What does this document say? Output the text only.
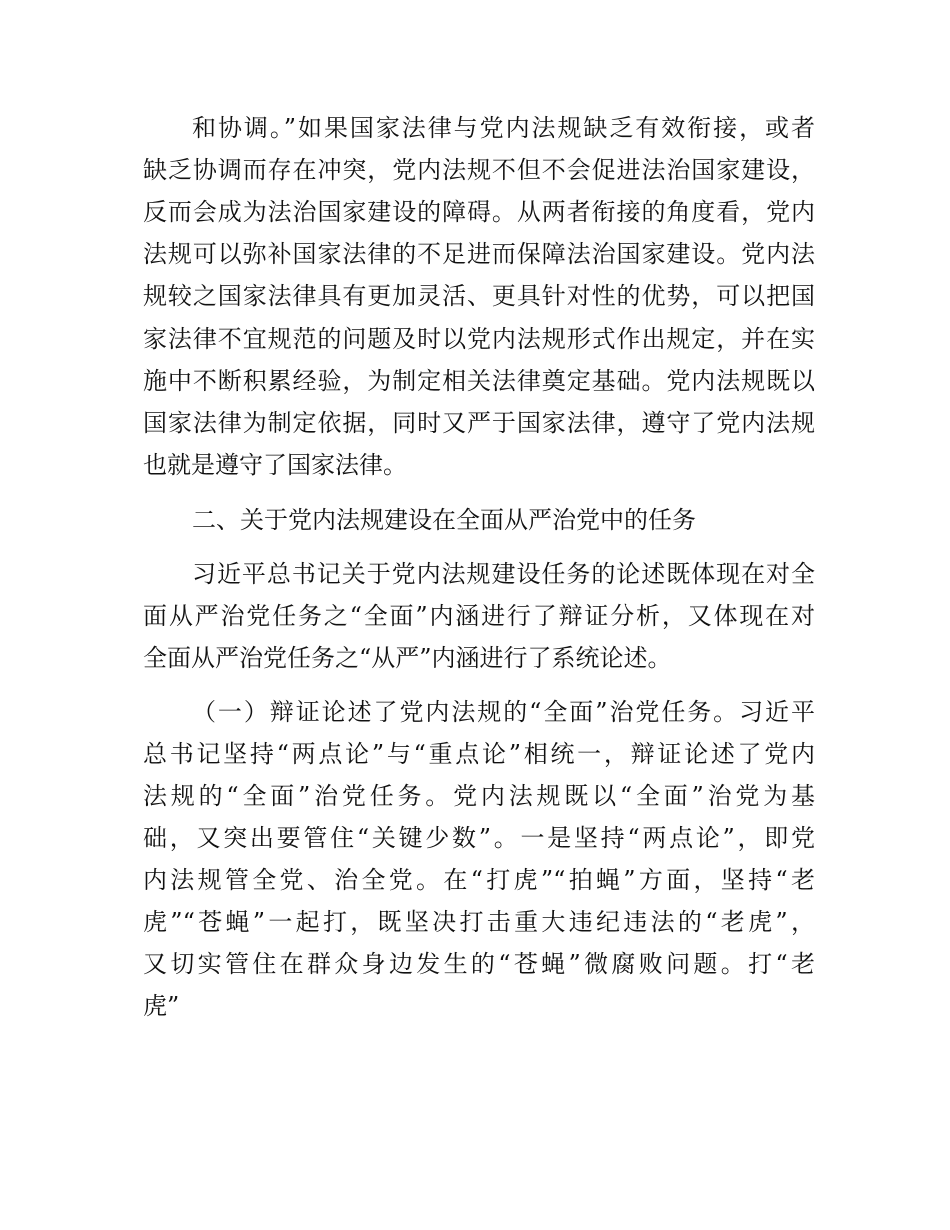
和协调。”如果国家法律与党内法规缺乏有效衔接，或者
缺乏协调而存在冲突，党内法规不但不会促进法治国家建设，
反而会成为法治国家建设的障碍。从两者衔接的角度看，党内
法规可以弥补国家法律的不足进而保障法治国家建设。党内法
规较之国家法律具有更加灵活、更具针对性的优势，可以把国
家法律不宜规范的问题及时以党内法规形式作出规定，并在实
施中不断积累经验，为制定相关法律奠定基础。党内法规既以
国家法律为制定依据，同时又严于国家法律，遵守了党内法规
也就是遵守了国家法律。
二、关于党内法规建设在全面从严治党中的任务
习近平总书记关于党内法规建设任务的论述既体现在对全
面从严治党任务之“全面”内涵进行了辩证分析，又体现在对
全面从严治党任务之“从严”内涵进行了系统论述。
（一）辩证论述了党内法规的“全面”治党任务。习近平
总书记坚持“两点论”与“重点论”相统一，辩证论述了党内
法规的“全面”治党任务。党内法规既以“全面”治党为基
础，又突出要管住“关键少数”。一是坚持“两点论”，即党
内法规管全党、治全党。在“打虎”“拍蝇”方面，坚持“老
虎”“苍蝇”一起打，既坚决打击重大违纪违法的“老虎”，
又切实管住在群众身边发生的“苍蝇”微腐败问题。打“老
虎”
